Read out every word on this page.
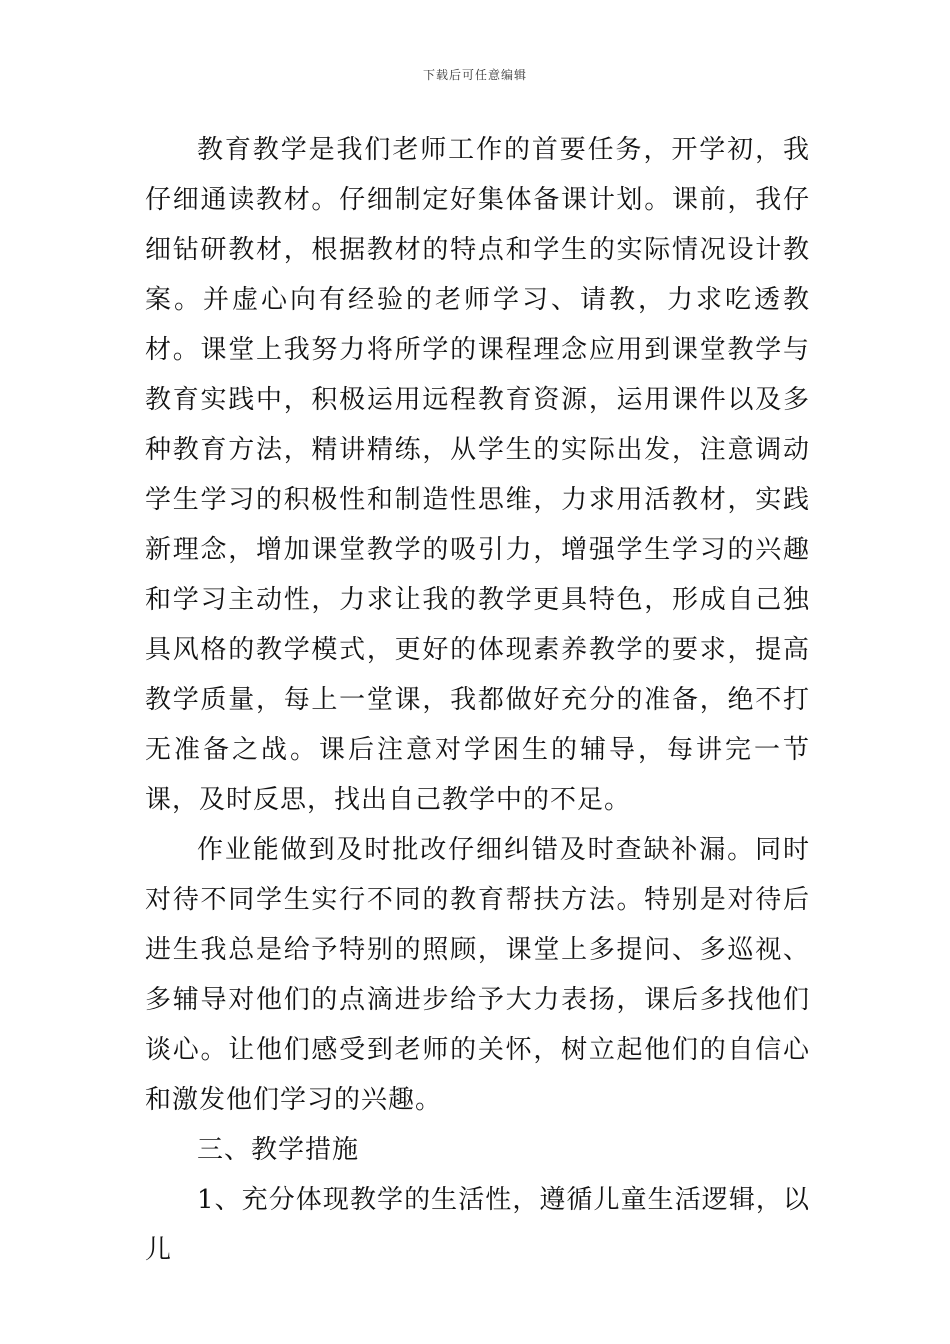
下载后可任意编辑

教育教学是我们老师工作的首要任务，开学初，我仔细通读教材。仔细制定好集体备课计划。课前，我仔细钻研教材，根据教材的特点和学生的实际情况设计教案。并虚心向有经验的老师学习、请教，力求吃透教材。课堂上我努力将所学的课程理念应用到课堂教学与教育实践中，积极运用远程教育资源，运用课件以及多种教育方法，精讲精练，从学生的实际出发，注意调动学生学习的积极性和制造性思维，力求用活教材，实践新理念，增加课堂教学的吸引力，增强学生学习的兴趣和学习主动性，力求让我的教学更具特色，形成自己独具风格的教学模式，更好的体现素养教学的要求，提高教学质量，每上一堂课，我都做好充分的准备，绝不打无准备之战。课后注意对学困生的辅导，每讲完一节课，及时反思，找出自己教学中的不足。

作业能做到及时批改仔细纠错及时查缺补漏。同时对待不同学生实行不同的教育帮扶方法。特别是对待后进生我总是给予特别的照顾，课堂上多提问、多巡视、多辅导对他们的点滴进步给予大力表扬，课后多找他们谈心。让他们感受到老师的关怀，树立起他们的自信心和激发他们学习的兴趣。

三、教学措施

1、充分体现教学的生活性，遵循儿童生活逻辑，以儿
